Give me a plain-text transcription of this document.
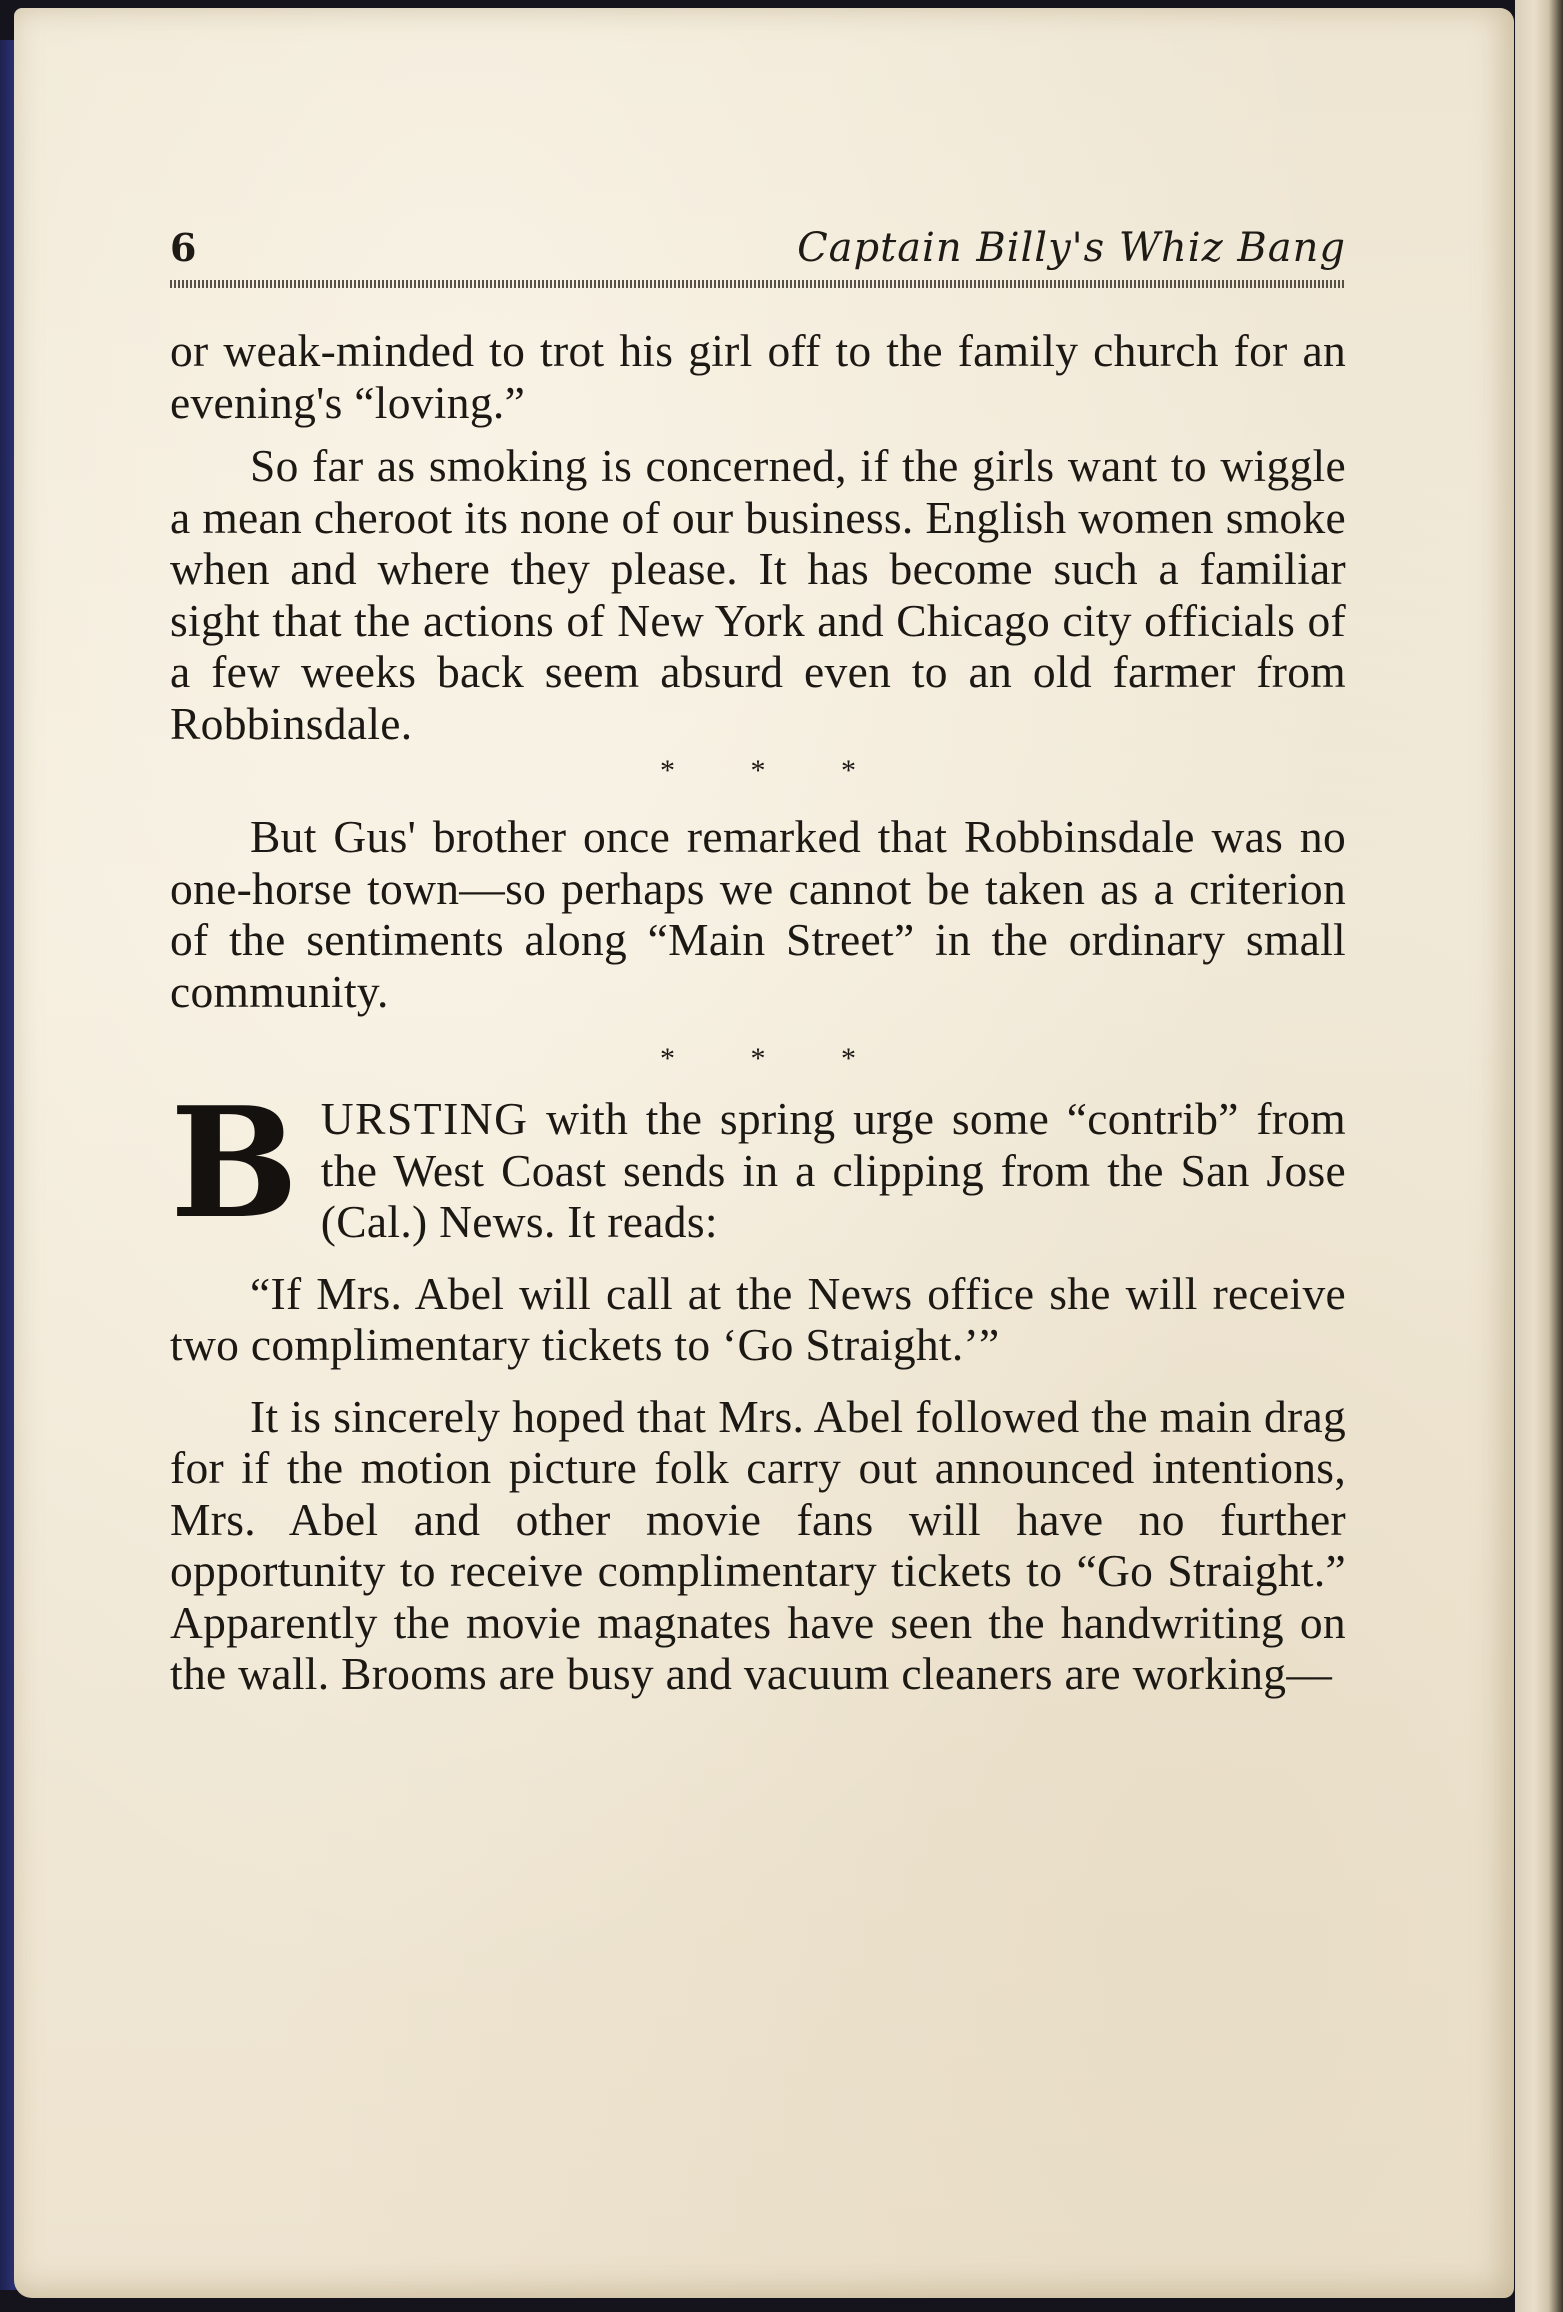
6	Captain Billy's Whiz Bang

or weak-minded to trot his girl off to the family church for an evening's “loving.”

So far as smoking is concerned, if the girls want to wiggle a mean cheroot its none of our business. English women smoke when and where they please. It has become such a familiar sight that the actions of New York and Chicago city officials of a few weeks back seem absurd even to an old farmer from Robbinsdale.

* * *

But Gus' brother once remarked that Robbinsdale was no one-horse town—so perhaps we cannot be taken as a criterion of the sentiments along “Main Street” in the ordinary small community.

* * *

BURSTING with the spring urge some “contrib” from the West Coast sends in a clipping from the San Jose (Cal.) News. It reads:

“If Mrs. Abel will call at the News office she will receive two complimentary tickets to ‘Go Straight.’”

It is sincerely hoped that Mrs. Abel followed the main drag for if the motion picture folk carry out announced intentions, Mrs. Abel and other movie fans will have no further opportunity to receive complimentary tickets to “Go Straight.” Apparently the movie magnates have seen the handwriting on the wall. Brooms are busy and vacuum cleaners are working—
